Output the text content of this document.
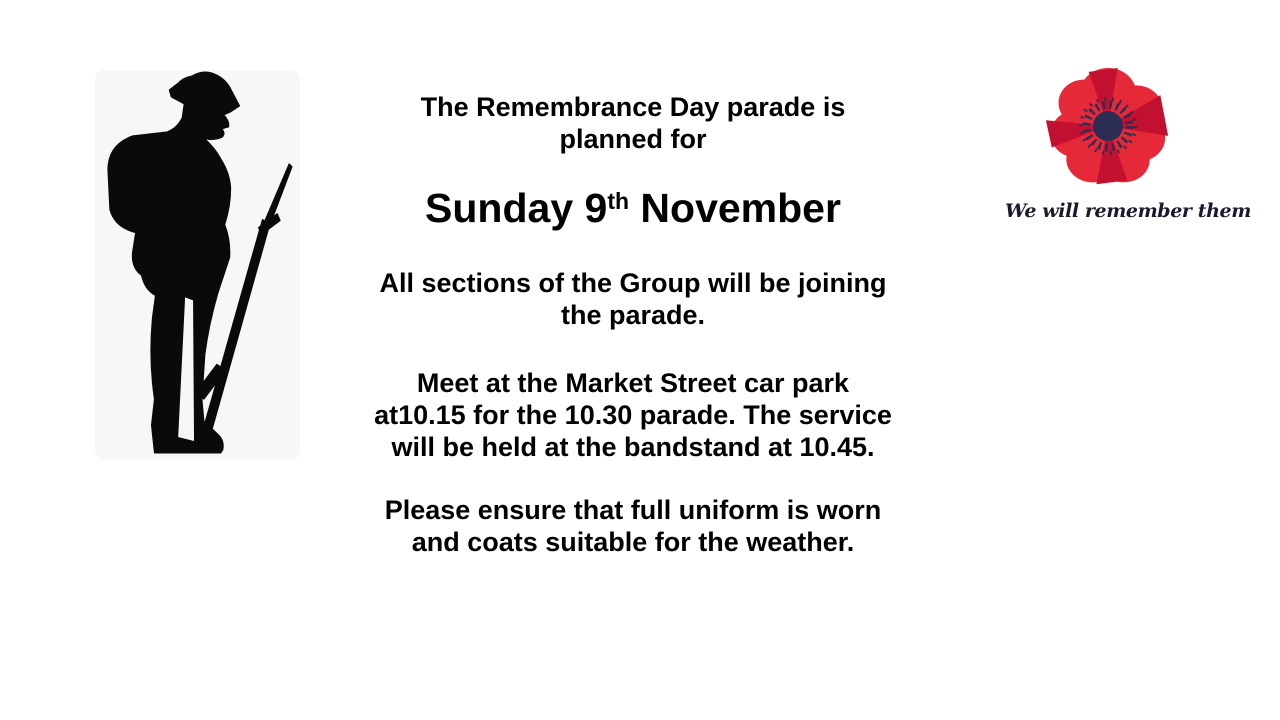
The Remembrance Day parade is
planned for

Sunday 9th November

All sections of the Group will be joining
the parade.

Meet at the Market Street car park
at10.15 for the 10.30 parade. The service
will be held at the bandstand at 10.45.

Please ensure that full uniform is worn
and coats suitable for the weather.

We will remember them
